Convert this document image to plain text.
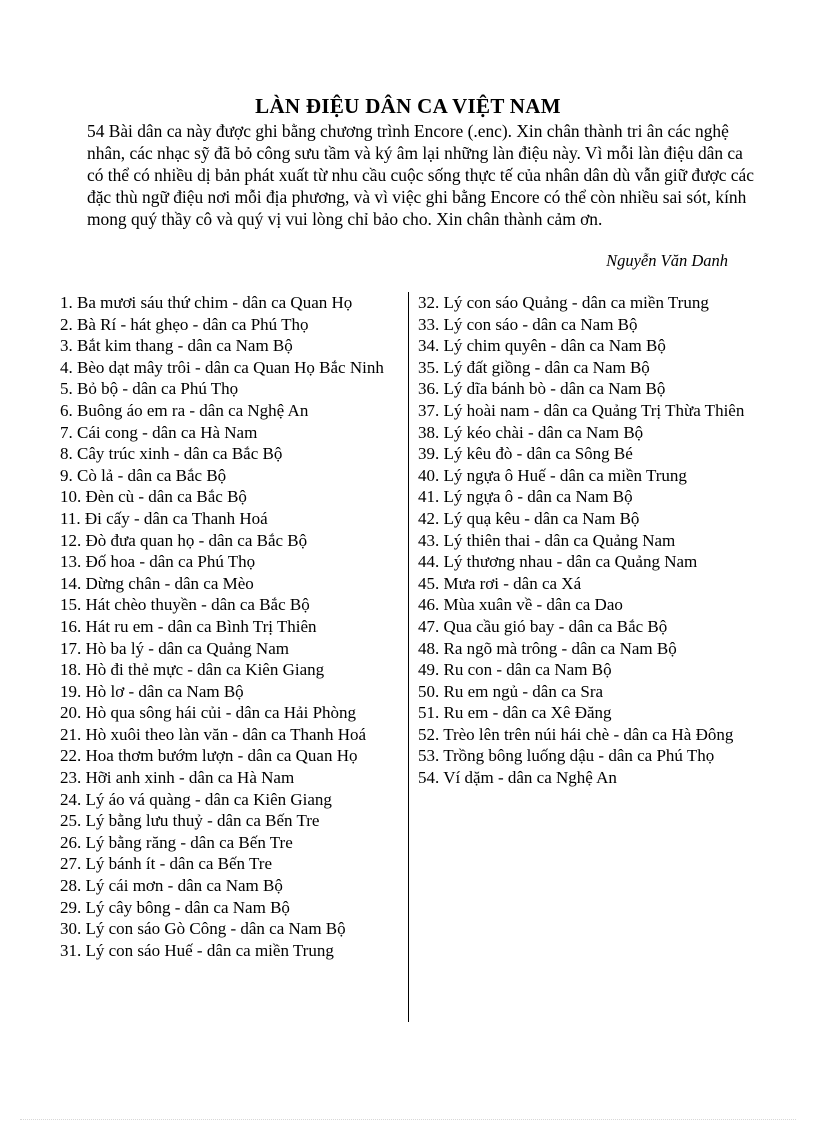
LÀN ĐIỆU DÂN CA VIỆT NAM
54 Bài dân ca này được ghi bằng chương trình Encore (.enc). Xin chân thành tri ân các nghệ nhân, các nhạc sỹ đã bỏ công sưu tầm và ký âm lại những làn điệu này. Vì mỗi làn điệu dân ca có thể có nhiều dị bản phát xuất từ nhu cầu cuộc sống thực tế của nhân dân dù vẫn giữ được các đặc thù ngữ điệu nơi mỗi địa phương, và vì việc ghi bằng Encore có thể còn nhiều sai sót, kính mong quý thầy cô và quý vị vui lòng chỉ bảo cho. Xin chân thành cảm ơn.
Nguyễn Văn Danh
1. Ba mươi sáu thứ chim - dân ca Quan Họ
2. Bà Rí - hát ghẹo - dân ca Phú Thọ
3. Bắt kim thang - dân ca Nam Bộ
4. Bèo dạt mây trôi - dân ca Quan Họ Bắc Ninh
5. Bỏ bộ - dân ca Phú Thọ
6. Buông áo em ra - dân ca Nghệ An
7. Cái cong - dân ca Hà Nam
8. Cây trúc xinh - dân ca Bắc Bộ
9. Cò lả - dân ca Bắc Bộ
10. Đèn cù - dân ca Bắc Bộ
11. Đi cấy - dân ca Thanh Hoá
12. Đò đưa quan họ - dân ca Bắc Bộ
13. Đố hoa - dân ca Phú Thọ
14. Dừng chân - dân ca Mèo
15. Hát chèo thuyền - dân ca Bắc Bộ
16. Hát ru em - dân ca Bình Trị Thiên
17. Hò ba lý - dân ca Quảng Nam
18. Hò đi thẻ mực - dân ca Kiên Giang
19. Hò lơ - dân ca Nam Bộ
20. Hò qua sông hái củi - dân ca Hải Phòng
21. Hò xuôi theo làn văn - dân ca Thanh Hoá
22. Hoa thơm bướm lượn - dân ca Quan Họ
23. Hỡi anh xinh - dân ca Hà Nam
24. Lý áo vá quàng - dân ca Kiên Giang
25. Lý bằng lưu thuỷ - dân ca Bến Tre
26. Lý bằng răng - dân ca Bến Tre
27. Lý bánh ít - dân ca Bến Tre
28. Lý cái mơn - dân ca Nam Bộ
29. Lý cây bông - dân ca Nam Bộ
30. Lý con sáo Gò Công - dân ca Nam Bộ
31. Lý con sáo Huế - dân ca miền Trung
32. Lý con sáo Quảng - dân ca miền Trung
33. Lý con sáo - dân ca Nam Bộ
34. Lý chim quyên - dân ca Nam Bộ
35. Lý đất giồng - dân ca Nam Bộ
36. Lý dĩa bánh bò - dân ca Nam Bộ
37. Lý hoài nam - dân ca Quảng Trị Thừa Thiên
38. Lý kéo chài - dân ca Nam Bộ
39. Lý kêu đò - dân ca Sông Bé
40. Lý ngựa ô Huế - dân ca miền Trung
41. Lý ngựa ô - dân ca Nam Bộ
42. Lý quạ kêu - dân ca Nam Bộ
43. Lý thiên thai - dân ca Quảng Nam
44. Lý thương nhau - dân ca Quảng Nam
45. Mưa rơi - dân ca Xá
46. Mùa xuân về - dân ca Dao
47. Qua cầu gió bay - dân ca Bắc Bộ
48. Ra ngõ mà trông - dân ca Nam Bộ
49. Ru con - dân ca Nam Bộ
50. Ru em ngủ - dân ca Sra
51. Ru em - dân ca Xê Đăng
52. Trèo lên trên núi hái chè - dân ca Hà Đông
53. Trồng bông luống dậu - dân ca Phú Thọ
54. Ví dặm - dân ca Nghệ An
